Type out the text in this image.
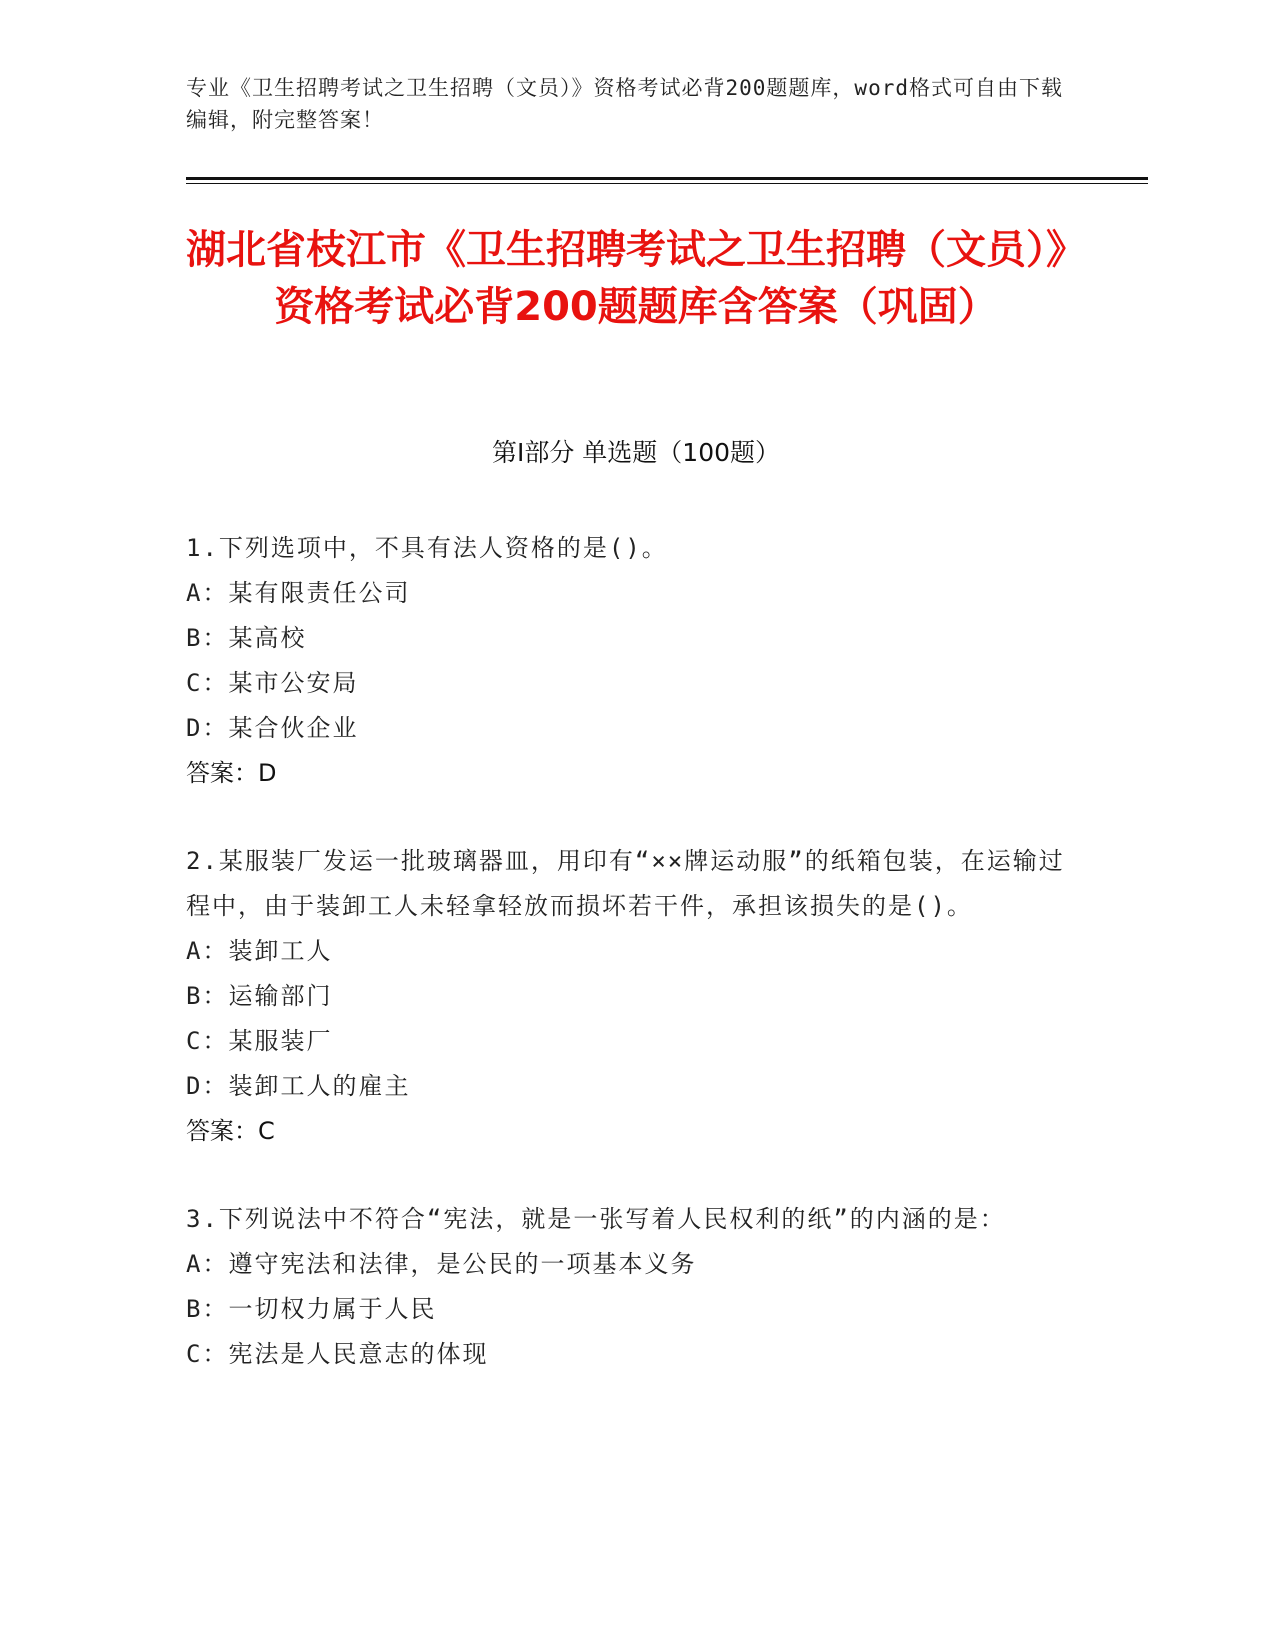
专业《卫生招聘考试之卫生招聘（文员）》资格考试必背200题题库，word格式可自由下载编辑，附完整答案！
湖北省枝江市《卫生招聘考试之卫生招聘（文员）》资格考试必背200题题库含答案（巩固）
第I部分 单选题（100题）

1.下列选项中，不具有法人资格的是()。

A：某有限责任公司

B：某高校

C：某市公安局

D：某合伙企业

答案：D

2.某服装厂发运一批玻璃器皿，用印有“××牌运动服”的纸箱包装，在运输过程中，由于装卸工人未轻拿轻放而损坏若干件，承担该损失的是()。

A：装卸工人

B：运输部门

C：某服装厂

D：装卸工人的雇主

答案：C

3.下列说法中不符合“宪法，就是一张写着人民权利的纸”的内涵的是：

A：遵守宪法和法律，是公民的一项基本义务

B：一切权力属于人民

C：宪法是人民意志的体现
